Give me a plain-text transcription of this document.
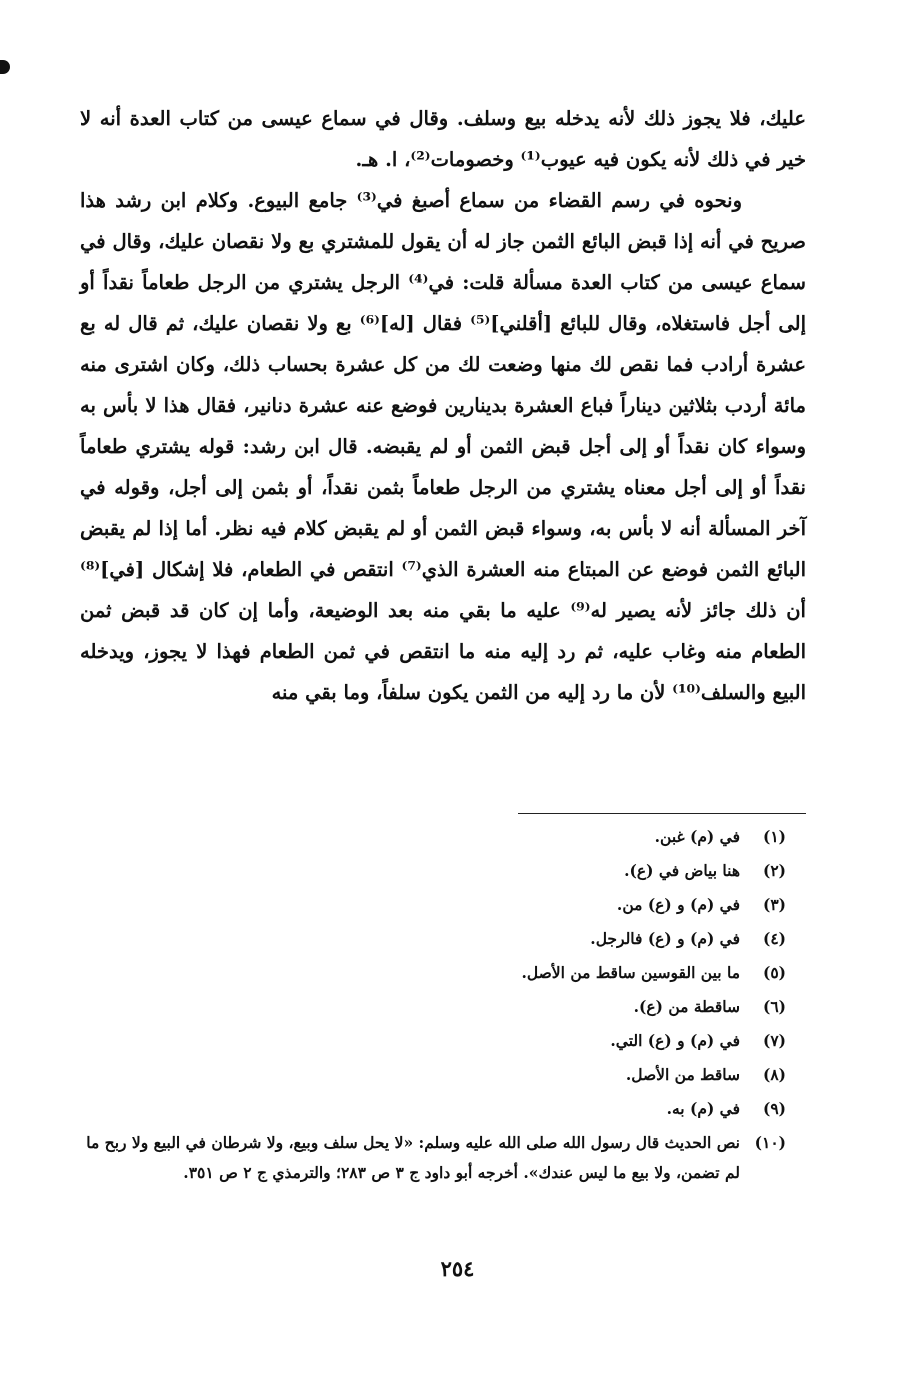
عليك، فلا يجوز ذلك لأنه يدخله بيع وسلف. وقال في سماع عيسى من كتاب العدة أنه لا خير في ذلك لأنه يكون فيه عيوب⁽¹⁾ وخصومات⁽²⁾، ا. هـ.

ونحوه في رسم القضاء من سماع أصبغ في⁽³⁾ جامع البيوع. وكلام ابن رشد هذا صريح في أنه إذا قبض البائع الثمن جاز له أن يقول للمشتري بع ولا نقصان عليك، وقال في سماع عيسى من كتاب العدة مسألة قلت: في⁽⁴⁾ الرجل يشتري من الرجل طعاماً نقداً أو إلى أجل فاستغلاه، وقال للبائع [أقلني]⁽⁵⁾ فقال [له]⁽⁶⁾ بع ولا نقصان عليك، ثم قال له بع عشرة أرادب فما نقص لك منها وضعت لك من كل عشرة بحساب ذلك، وكان اشترى منه مائة أردب بثلاثين ديناراً فباع العشرة بدينارين فوضع عنه عشرة دنانير، فقال هذا لا بأس به وسواء كان نقداً أو إلى أجل قبض الثمن أو لم يقبضه. قال ابن رشد: قوله يشتري طعاماً نقداً أو إلى أجل معناه يشتري من الرجل طعاماً بثمن نقداً، أو بثمن إلى أجل، وقوله في آخر المسألة أنه لا بأس به، وسواء قبض الثمن أو لم يقبض كلام فيه نظر. أما إذا لم يقبض البائع الثمن فوضع عن المبتاع منه العشرة الذي⁽⁷⁾ انتقص في الطعام، فلا إشكال [في]⁽⁸⁾ أن ذلك جائز لأنه يصير له⁽⁹⁾ عليه ما بقي منه بعد الوضيعة، وأما إن كان قد قبض ثمن الطعام منه وغاب عليه، ثم رد إليه منه ما انتقص في ثمن الطعام فهذا لا يجوز، ويدخله البيع والسلف⁽¹⁰⁾ لأن ما رد إليه من الثمن يكون سلفاً، وما بقي منه

(١)
في (م) غبن.
(٢)
هنا بياض في (ع).
(٣)
في (م) و (ع) من.
(٤)
في (م) و (ع) فالرجل.
(٥)
ما بين القوسين ساقط من الأصل.
(٦)
ساقطة من (ع).
(٧)
في (م) و (ع) التي.
(٨)
ساقط من الأصل.
(٩)
في (م) به.
(١٠)
نص الحديث قال رسول الله صلى الله عليه وسلم: «لا يحل سلف وبيع، ولا شرطان في البيع ولا ربح ما لم تضمن، ولا بيع ما ليس عندك». أخرجه أبو داود ج ٣ ص ٢٨٣؛ والترمذي ج ٢ ص ٣٥١.
٢٥٤
